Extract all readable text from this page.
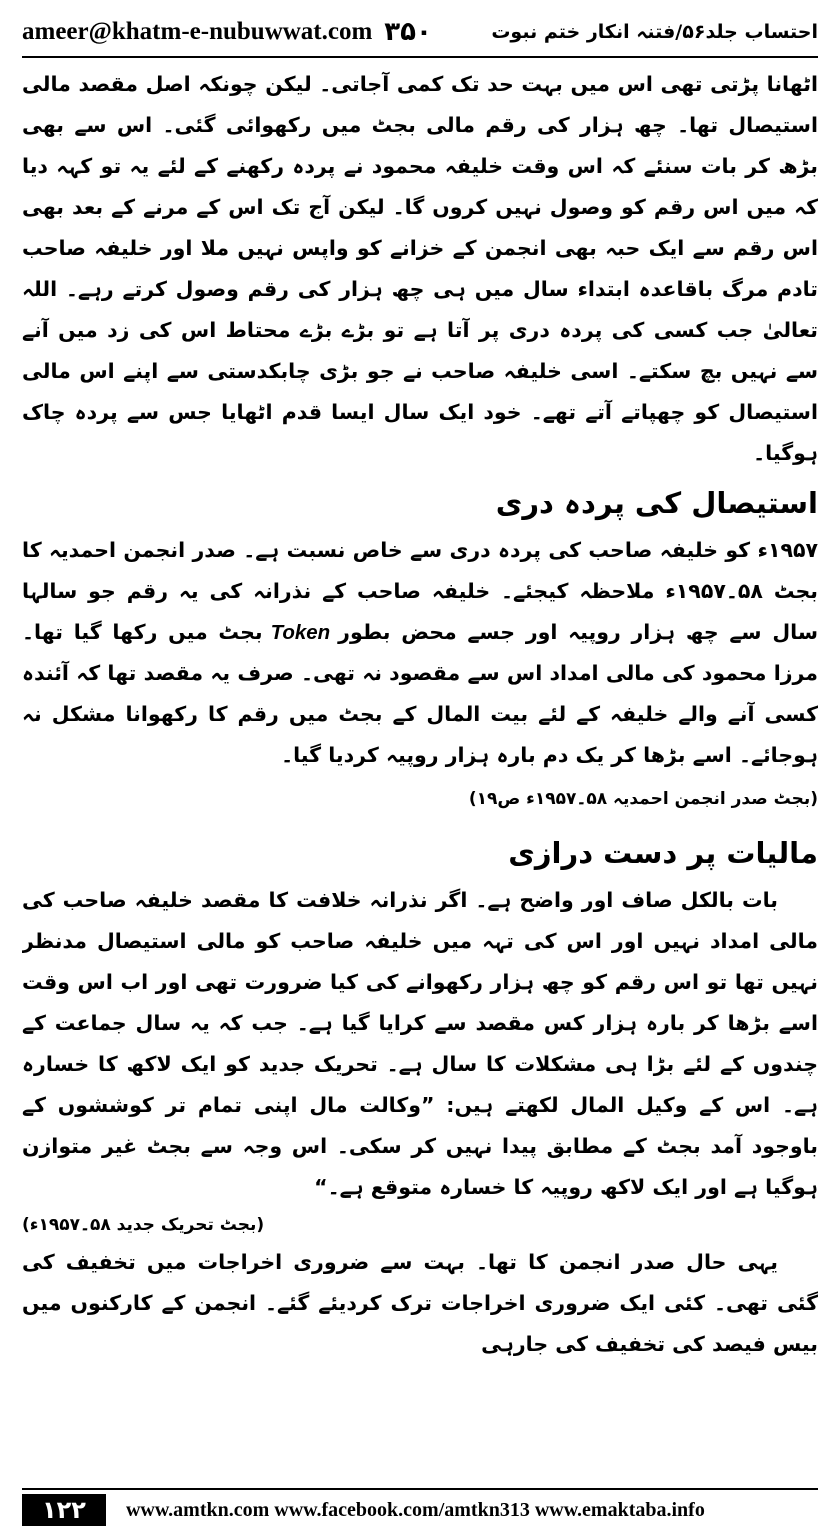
ameer@khatm-e-nubuwwat.com ۳۵۰	احتساب جلد۵۶/فتنہ انکار ختم نبوت

اٹھانا پڑتی تھی اس میں بہت حد تک کمی آجاتی۔ لیکن چونکہ اصل مقصد مالی استیصال تھا۔ چھ ہزار کی رقم مالی بجٹ میں رکھوائی گئی۔ اس سے بھی بڑھ کر بات سنئے کہ اس وقت خلیفہ محمود نے پردہ رکھنے کے لئے یہ تو کہہ دیا کہ میں اس رقم کو وصول نہیں کروں گا۔ لیکن آج تک اس کے مرنے کے بعد بھی اس رقم سے ایک حبہ بھی انجمن کے خزانے کو واپس نہیں ملا اور خلیفہ صاحب تادم مرگ باقاعدہ ابتداء سال میں ہی چھ ہزار کی رقم وصول کرتے رہے۔ اللہ تعالیٰ جب کسی کی پردہ دری پر آتا ہے تو بڑے بڑے محتاط اس کی زد میں آنے سے نہیں بچ سکتے۔ اسی خلیفہ صاحب نے جو بڑی چابکدستی سے اپنے اس مالی استیصال کو چھپاتے آتے تھے۔ خود ایک سال ایسا قدم اٹھایا جس سے پردہ چاک ہوگیا۔

استیصال کی پردہ دری

۱۹۵۷ء کو خلیفہ صاحب کی پردہ دری سے خاص نسبت ہے۔ صدر انجمن احمدیہ کا بجٹ ۵۸۔۱۹۵۷ء ملاحظہ کیجئے۔ خلیفہ صاحب کے نذرانہ کی یہ رقم جو سالہا سال سے چھ ہزار روپیہ اور جسے محض بطورTokenبجٹ میں رکھا گیا تھا۔ مرزا محمود کی مالی امداد اس سے مقصود نہ تھی۔ صرف یہ مقصد تھا کہ آئندہ کسی آنے والے خلیفہ کے لئے بیت المال کے بجٹ میں رقم کا رکھوانا مشکل نہ ہوجائے۔ اسے بڑھا کر یک دم بارہ ہزار روپیہ کردیا گیا۔

(بجٹ صدر انجمن احمدیہ ۵۸۔۱۹۵۷ء ص۱۹)
مالیات پر دست درازی

بات بالکل صاف اور واضح ہے۔ اگر نذرانہ خلافت کا مقصد خلیفہ صاحب کی مالی امداد نہیں اور اس کی تہہ میں خلیفہ صاحب کو مالی استیصال مدنظر نہیں تھا تو اس رقم کو چھ ہزار رکھوانے کی کیا ضرورت تھی اور اب اس وقت اسے بڑھا کر بارہ ہزار کس مقصد سے کرایا گیا ہے۔ جب کہ یہ سال جماعت کے چندوں کے لئے بڑا ہی مشکلات کا سال ہے۔ تحریک جدید کو ایک لاکھ کا خسارہ ہے۔ اس کے وکیل المال لکھتے ہیں: ”وکالت مال اپنی تمام تر کوششوں کے باوجود آمد بجٹ کے مطابق پیدا نہیں کر سکی۔ اس وجہ سے بجٹ غیر متوازن ہوگیا ہے اور ایک لاکھ روپیہ کا خسارہ متوقع ہے۔“

(بجٹ تحریک جدید ۵۸۔۱۹۵۷ء)

یہی حال صدر انجمن کا تھا۔ بہت سے ضروری اخراجات میں تخفیف کی گئی تھی۔ کئی ایک ضروری اخراجات ترک کردیئے گئے۔ انجمن کے کارکنوں میں بیس فیصد کی تخفیف کی جارہی

۱۲۲	www.amtkn.com www.facebook.com/amtkn313 www.emaktaba.info
